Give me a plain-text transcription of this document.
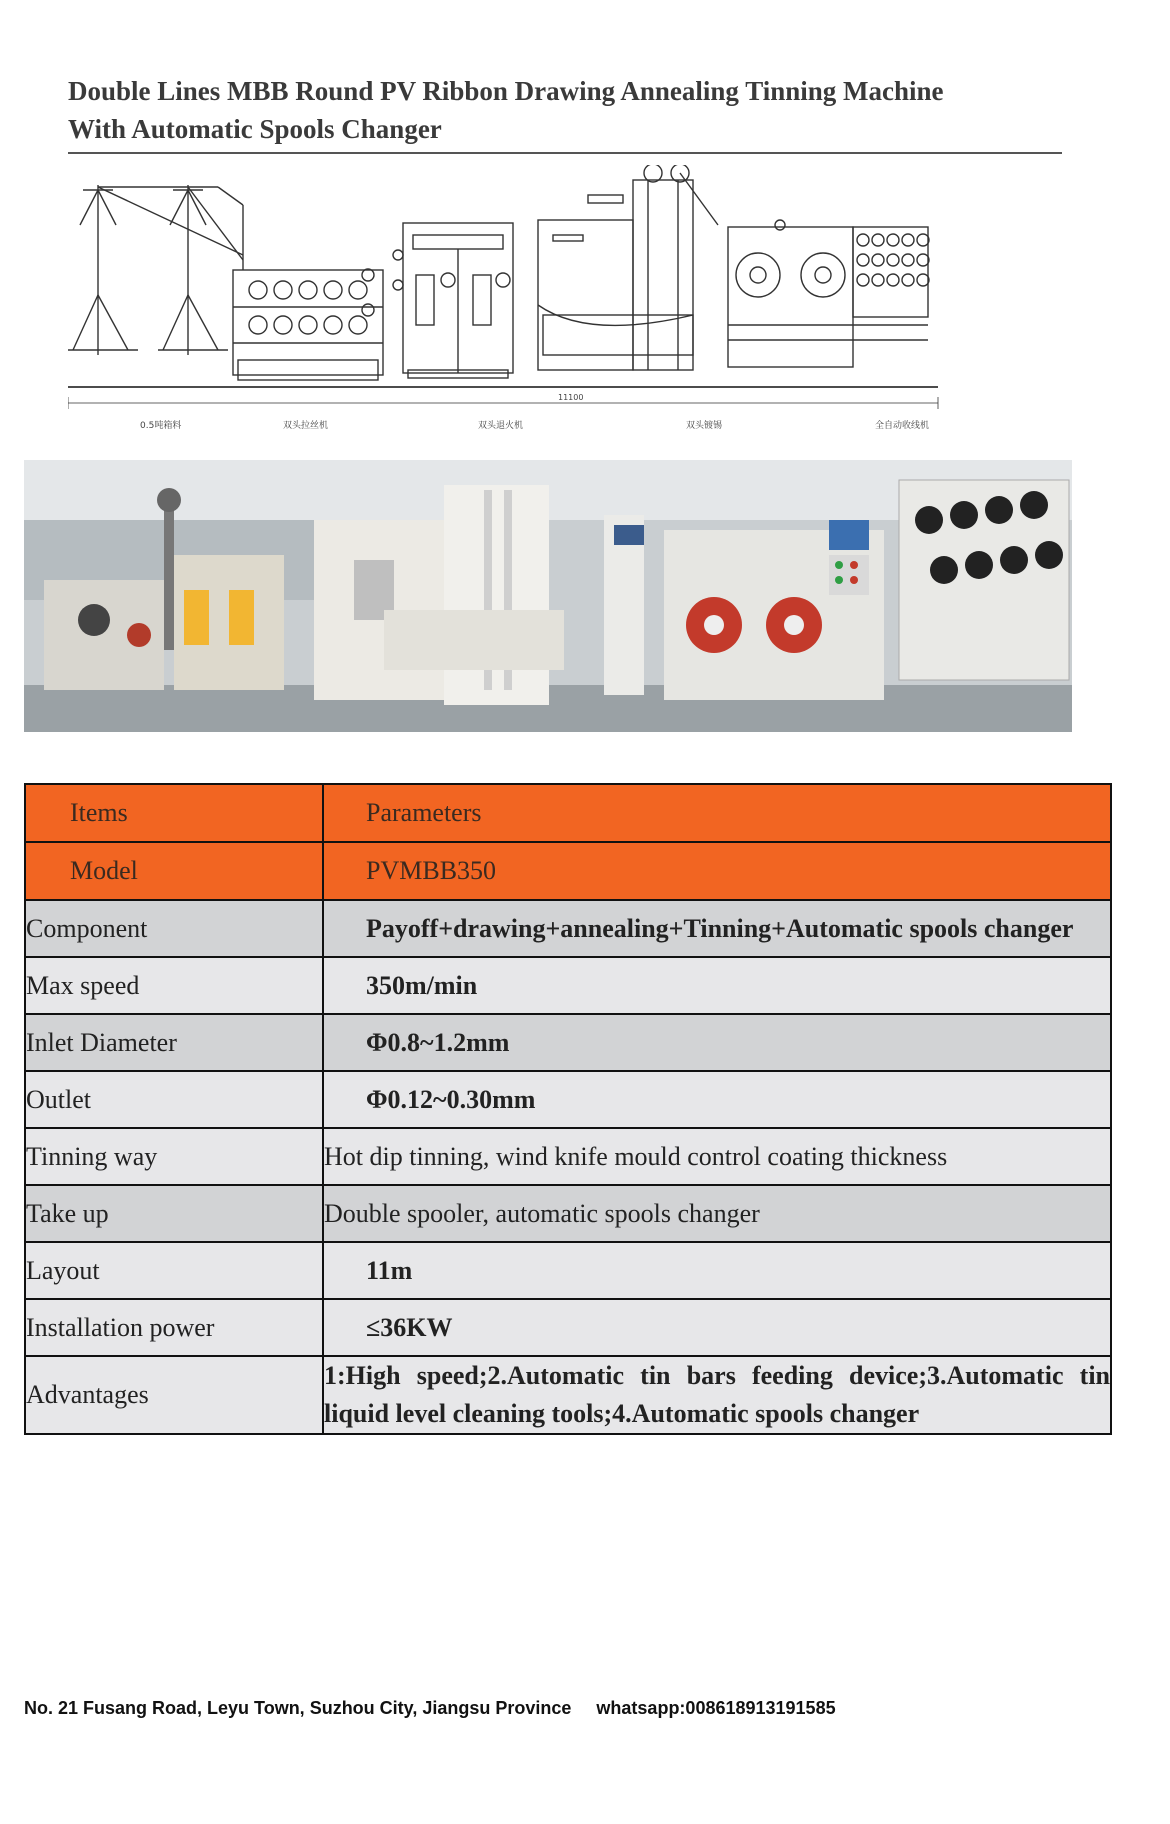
Double Lines MBB Round PV Ribbon Drawing Annealing Tinning Machine
With Automatic Spools Changer
11100
0.5吨箱料	双头拉丝机	双头退火机	双头镀锡	全自动收线机
Items	Parameters
Model	PVMBB350
Component	Payoff+drawing+annealing+Tinning+Automatic spools changer
Max speed	350m/min
Inlet Diameter	Φ0.8~1.2mm
Outlet	Φ0.12~0.30mm
Tinning way	Hot dip tinning, wind knife mould control coating thickness
Take up	Double spooler, automatic spools changer
Layout	11m
Installation power	≤36KW
Advantages	1:High speed;2.Automatic tin bars feeding device;3.Automatic tin liquid level cleaning tools;4.Automatic spools changer
No. 21 Fusang Road, Leyu Town, Suzhou City, Jiangsu Province whatsapp:008618913191585
